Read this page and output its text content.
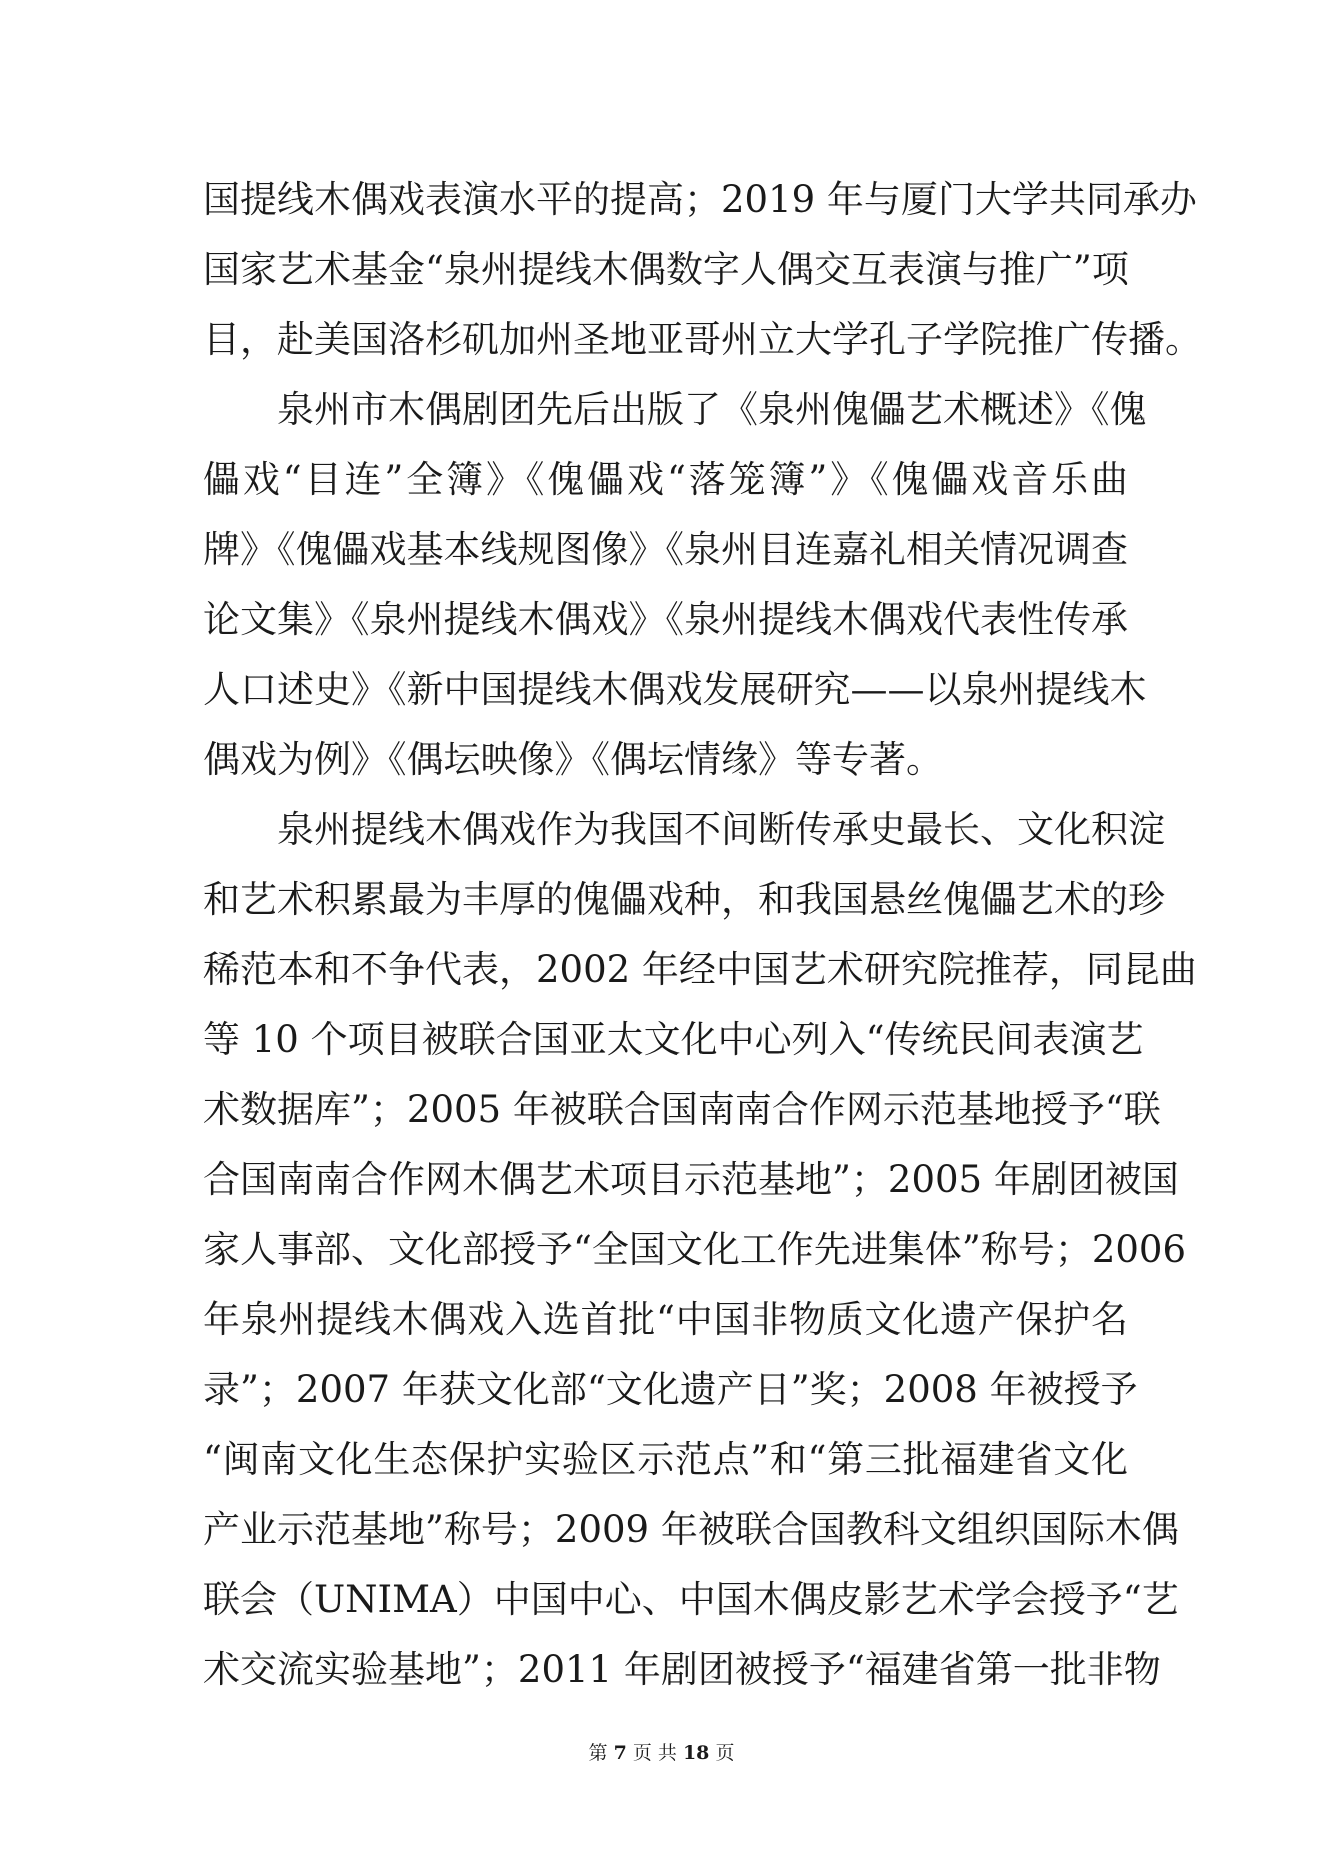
国提线木偶戏表演水平的提高；2019 年与厦门大学共同承办
国家艺术基金“泉州提线木偶数字人偶交互表演与推广”项
目，赴美国洛杉矶加州圣地亚哥州立大学孔子学院推广传播。
泉州市木偶剧团先后出版了《泉州傀儡艺术概述》《傀
儡戏“目连”全簿》《傀儡戏“落笼簿”》《傀儡戏音乐曲
牌》《傀儡戏基本线规图像》《泉州目连嘉礼相关情况调查
论文集》《泉州提线木偶戏》《泉州提线木偶戏代表性传承
人口述史》《新中国提线木偶戏发展研究——以泉州提线木
偶戏为例》《偶坛映像》《偶坛情缘》等专著。
泉州提线木偶戏作为我国不间断传承史最长、文化积淀
和艺术积累最为丰厚的傀儡戏种，和我国悬丝傀儡艺术的珍
稀范本和不争代表，2002 年经中国艺术研究院推荐，同昆曲
等 10 个项目被联合国亚太文化中心列入“传统民间表演艺
术数据库”；2005 年被联合国南南合作网示范基地授予“联
合国南南合作网木偶艺术项目示范基地”；2005 年剧团被国
家人事部、文化部授予“全国文化工作先进集体”称号；2006
年泉州提线木偶戏入选首批“中国非物质文化遗产保护名
录”；2007 年获文化部“文化遗产日”奖；2008 年被授予
“闽南文化生态保护实验区示范点”和“第三批福建省文化
产业示范基地”称号；2009 年被联合国教科文组织国际木偶
联会（UNIMA）中国中心、中国木偶皮影艺术学会授予“艺
术交流实验基地”；2011 年剧团被授予“福建省第一批非物
第 7 页 共 18 页
